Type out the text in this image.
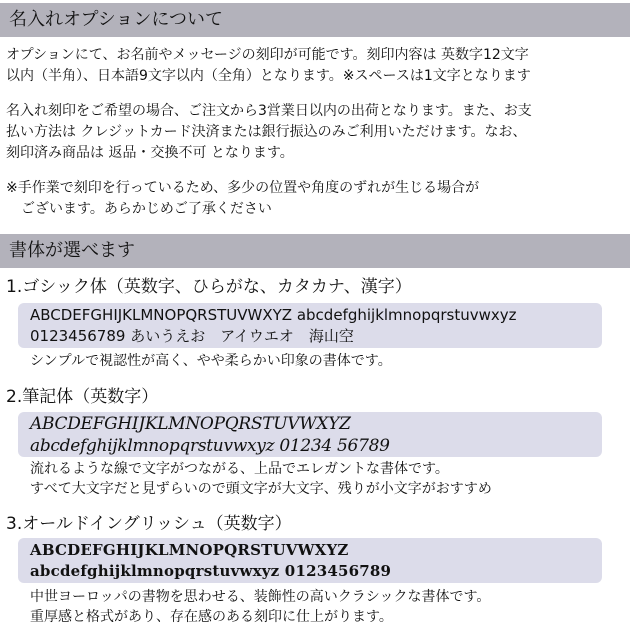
名入れオプションについて

オプションにて、お名前やメッセージの刻印が可能です。刻印内容は 英数字12文字
以内（半角）、日本語9文字以内（全角）となります。※スペースは1文字となります

名入れ刻印をご希望の場合、ご注文から3営業日以内の出荷となります。また、お支
払い方法は クレジットカード決済または銀行振込のみご利用いただけます。なお、
刻印済み商品は 返品・交換不可 となります。

※手作業で刻印を行っているため、多少の位置や角度のずれが生じる場合が
ございます。あらかじめご了承ください

書体が選べます
1.ゴシック体（英数字、ひらがな、カタカナ、漢字）
ABCDEFGHIJKLMNOPQRSTUVWXYZ abcdefghijklmnopqrstuvwxyz
0123456789 あいうえお　アイウエオ　海山空
シンプルで視認性が高く、やや柔らかい印象の書体です。
2.筆記体（英数字）
ABCDEFGHIJKLMNOPQRSTUVWXYZ
abcdefghijklmnopqrstuvwxyz 01234 56789
流れるような線で文字がつながる、上品でエレガントな書体です。
すべて大文字だと見ずらいので頭文字が大文字、残りが小文字がおすすめ
3.オールドイングリッシュ（英数字）
ABCDEFGHIJKLMNOPQRSTUVWXYZ
abcdefghijklmnopqrstuvwxyz 0123456789
中世ヨーロッパの書物を思わせる、装飾性の高いクラシックな書体です。
重厚感と格式があり、存在感のある刻印に仕上がります。
